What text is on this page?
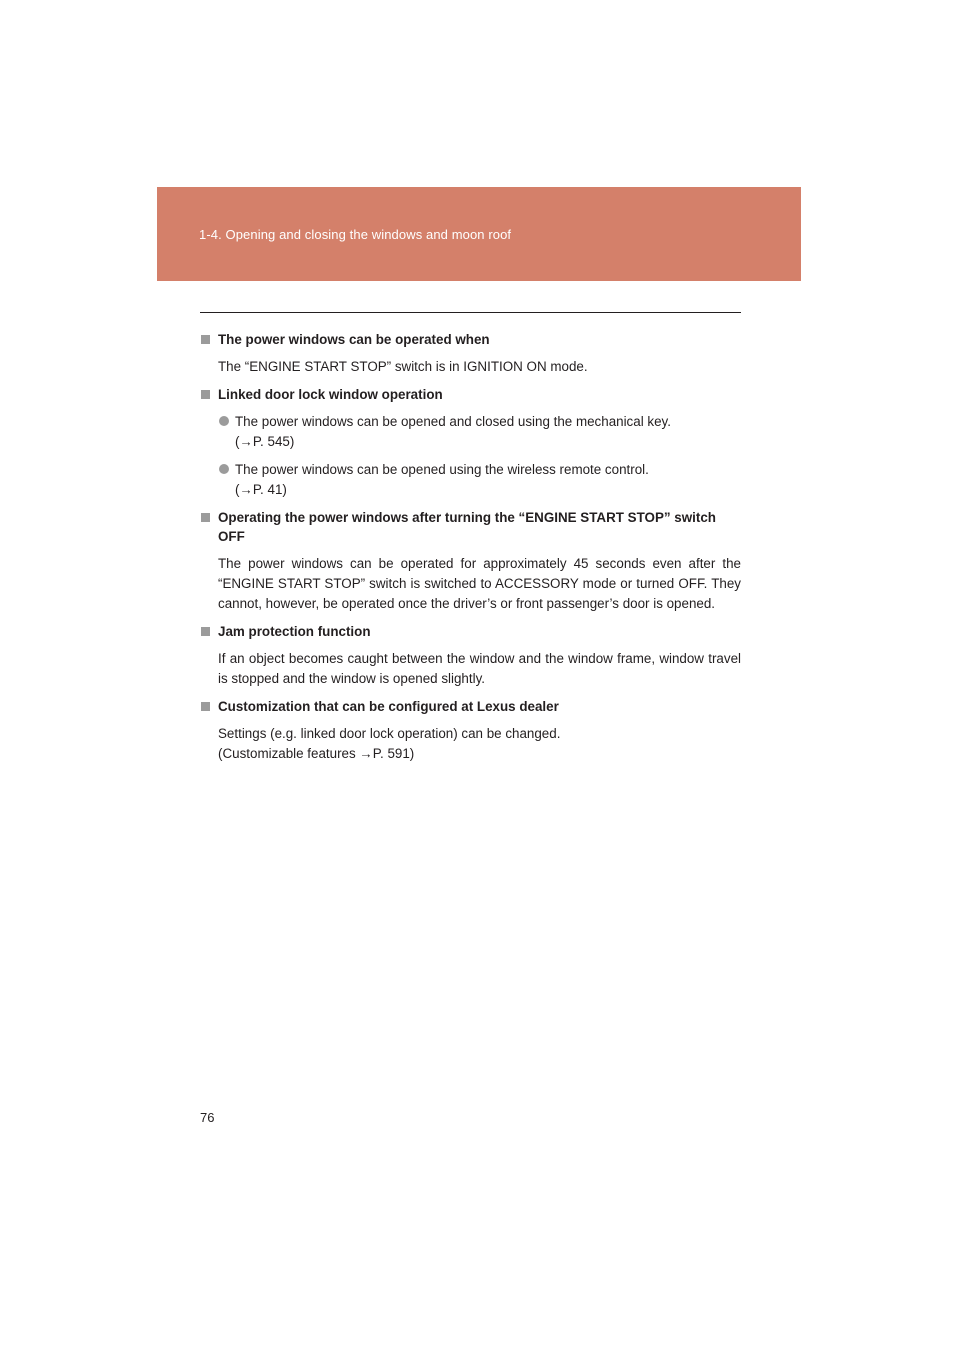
1-4. Opening and closing the windows and moon roof
The power windows can be operated when
The “ENGINE START STOP” switch is in IGNITION ON mode.
Linked door lock window operation
The power windows can be opened and closed using the mechanical key.
(→P. 545)
The power windows can be opened using the wireless remote control.
(→P. 41)
Operating the power windows after turning the “ENGINE START STOP” switch OFF
The power windows can be operated for approximately 45 seconds even after the “ENGINE START STOP” switch is switched to ACCESSORY mode or turned OFF. They cannot, however, be operated once the driver’s or front passenger’s door is opened.
Jam protection function
If an object becomes caught between the window and the window frame, window travel is stopped and the window is opened slightly.
Customization that can be configured at Lexus dealer
Settings (e.g. linked door lock operation) can be changed.
(Customizable features →P. 591)
76
